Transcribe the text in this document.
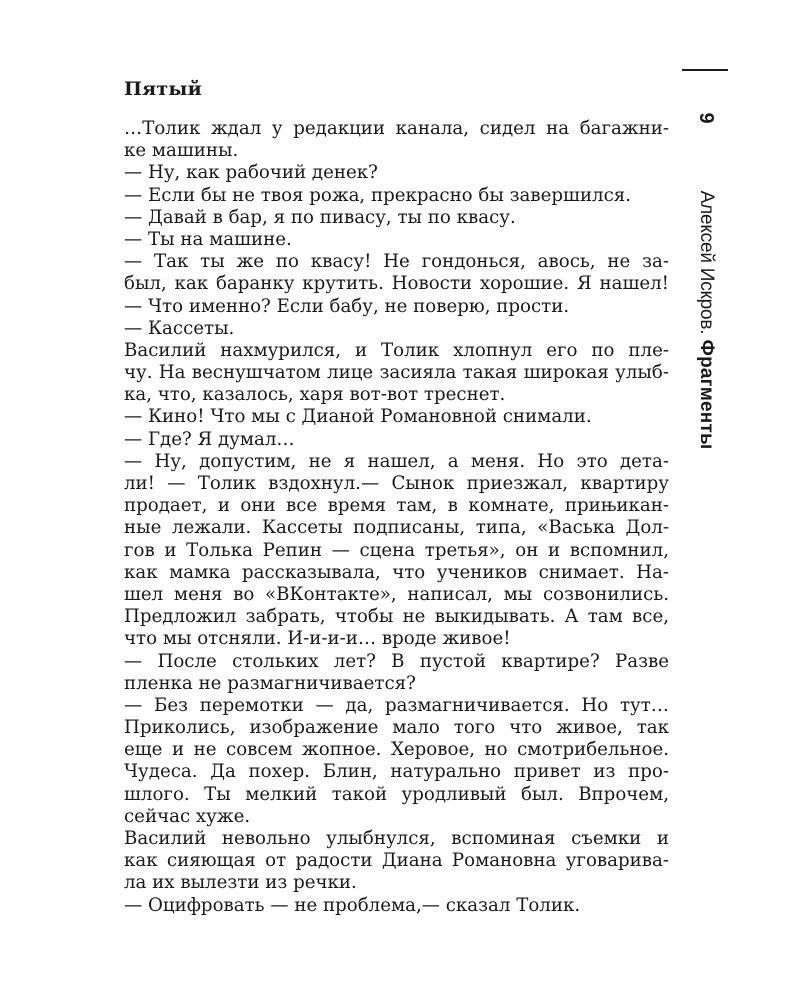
9
Алексей Искров. Фрагменты
Пятый
…Толик ждал у редакции канала, сидел на багажни-
ке машины.
— Ну, как рабочий денек?
— Если бы не твоя рожа, прекрасно бы завершился.
— Давай в бар, я по пивасу, ты по квасу.
— Ты на машине.
— Так ты же по квасу! Не гондонься, авось, не за-
был, как баранку крутить. Новости хорошие. Я нашел!
— Что именно? Если бабу, не поверю, прости.
— Кассеты.
Василий нахмурился, и Толик хлопнул его по пле-
чу. На веснушчатом лице засияла такая широкая улыб-
ка, что, казалось, харя вот-вот треснет.
— Кино! Что мы с Дианой Романовной снимали.
— Где? Я думал…
— Ну, допустим, не я нашел, а меня. Но это дета-
ли! — Толик вздохнул.— Сынок приезжал, квартиру
продает, и они все время там, в комнате, прињикан-
ные лежали. Кассеты подписаны, типа, «Васька Дол-
гов и Толька Репин — сцена третья», он и вспомнил,
как мамка рассказывала, что учеников снимает. На-
шел меня во «ВКонтакте», написал, мы созвонились.
Предложил забрать, чтобы не выкидывать. А там все,
что мы отсняли. И-и-и-и… вроде живое!
— После стольких лет? В пустой квартире? Разве
пленка не размагничивается?
— Без перемотки — да, размагничивается. Но тут…
Приколись, изображение мало того что живое, так
еще и не совсем жопное. Херовое, но смотрибельное.
Чудеса. Да похер. Блин, натурально привет из про-
шлого. Ты мелкий такой уродливый был. Впрочем,
сейчас хуже.
Василий невольно улыбнулся, вспоминая съемки и
как сияющая от радости Диана Романовна уговарива-
ла их вылезти из речки.
— Оцифровать — не проблема,— сказал Толик.
